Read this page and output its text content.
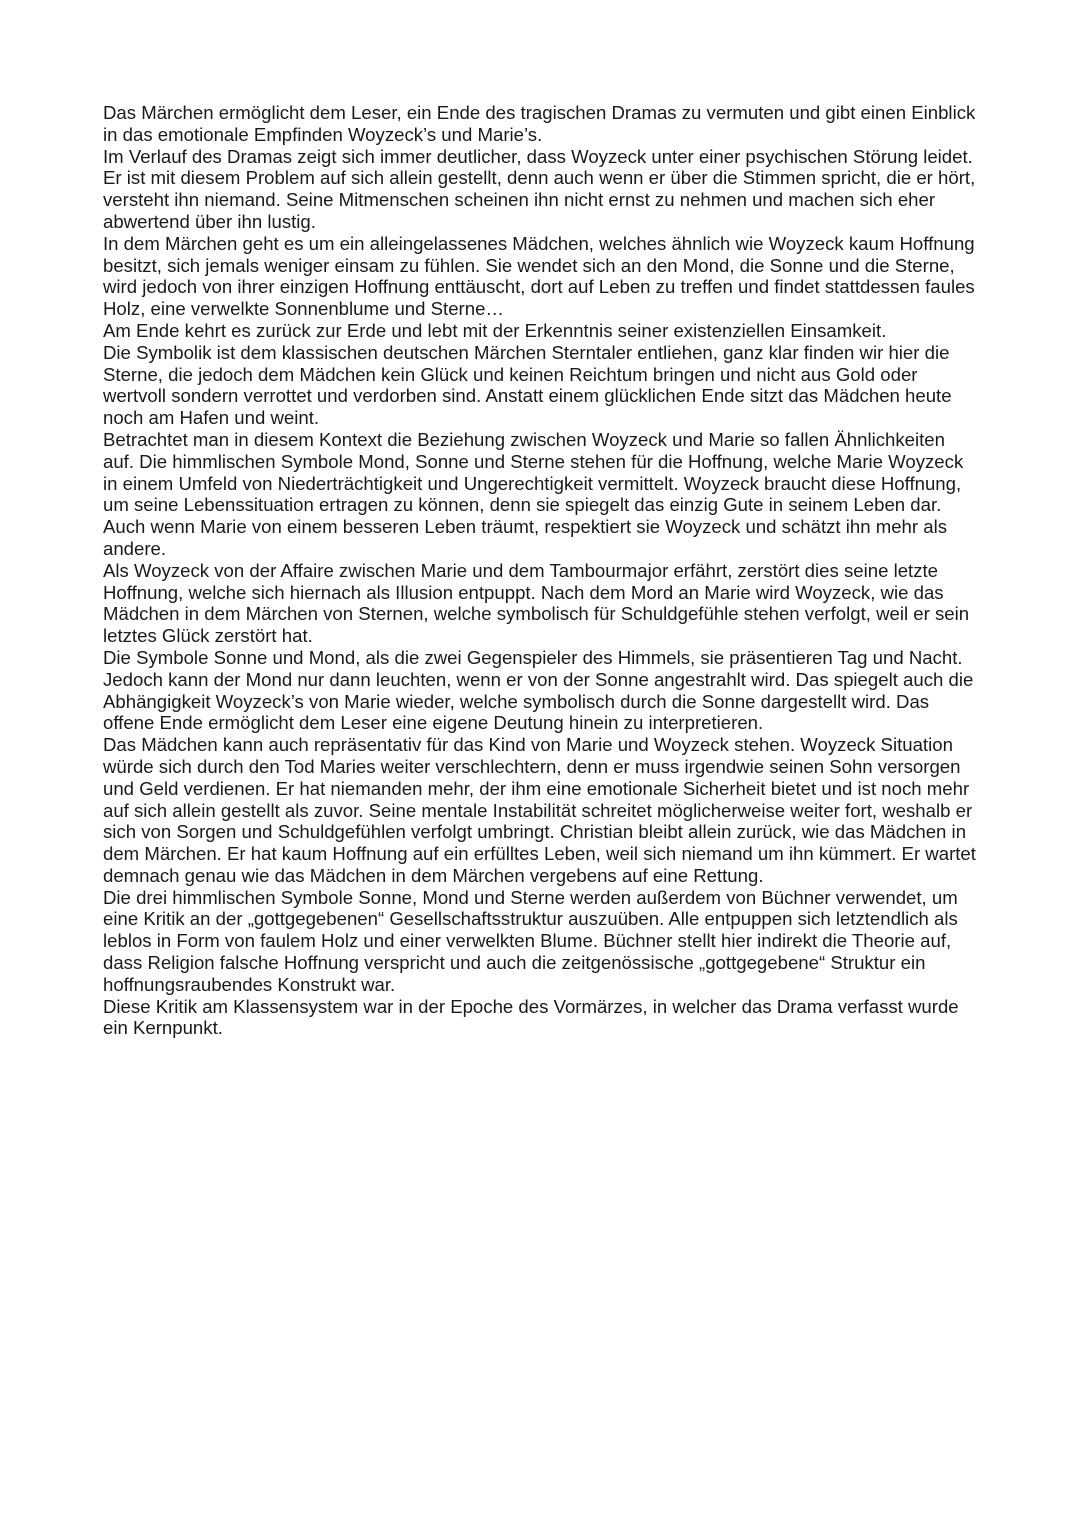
Das Märchen ermöglicht dem Leser, ein Ende des tragischen Dramas zu vermuten und gibt einen Einblick in das emotionale Empfinden Woyzeck’s und Marie’s.

Im Verlauf des Dramas zeigt sich immer deutlicher, dass Woyzeck unter einer psychischen Störung leidet. Er ist mit diesem Problem auf sich allein gestellt, denn auch wenn er über die Stimmen spricht, die er hört, versteht ihn niemand. Seine Mitmenschen scheinen ihn nicht ernst zu nehmen und machen sich eher abwertend über ihn lustig.

In dem Märchen geht es um ein alleingelassenes Mädchen, welches ähnlich wie Woyzeck kaum Hoffnung besitzt, sich jemals weniger einsam zu fühlen. Sie wendet sich an den Mond, die Sonne und die Sterne, wird jedoch von ihrer einzigen Hoffnung enttäuscht, dort auf Leben zu treffen und findet stattdessen faules Holz, eine verwelkte Sonnenblume und Sterne…

Am Ende kehrt es zurück zur Erde und lebt mit der Erkenntnis seiner existenziellen Einsamkeit.

Die Symbolik ist dem klassischen deutschen Märchen Sterntaler entliehen, ganz klar finden wir hier die Sterne, die jedoch dem Mädchen kein Glück und keinen Reichtum bringen und nicht aus Gold oder wertvoll sondern verrottet und verdorben sind. Anstatt einem glücklichen Ende sitzt das Mädchen heute noch am Hafen und weint.

Betrachtet man in diesem Kontext die Beziehung zwischen Woyzeck und Marie so fallen Ähnlichkeiten auf. Die himmlischen Symbole Mond, Sonne und Sterne stehen für die Hoffnung, welche Marie Woyzeck in einem Umfeld von Niederträchtigkeit und Ungerechtigkeit vermittelt. Woyzeck braucht diese Hoffnung, um seine Lebenssituation ertragen zu können, denn sie spiegelt das einzig Gute in seinem Leben dar. Auch wenn Marie von einem besseren Leben träumt, respektiert sie Woyzeck und schätzt ihn mehr als andere.

Als Woyzeck von der Affaire zwischen Marie und dem Tambourmajor erfährt, zerstört dies seine letzte Hoffnung, welche sich hiernach als Illusion entpuppt. Nach dem Mord an Marie wird Woyzeck, wie das Mädchen in dem Märchen von Sternen, welche symbolisch für Schuldgefühle stehen verfolgt, weil er sein letztes Glück zerstört hat.

Die Symbole Sonne und Mond, als die zwei Gegenspieler des Himmels, sie präsentieren Tag und Nacht. Jedoch kann der Mond nur dann leuchten, wenn er von der Sonne angestrahlt wird. Das spiegelt auch die Abhängigkeit Woyzeck’s von Marie wieder, welche symbolisch durch die Sonne dargestellt wird. Das offene Ende ermöglicht dem Leser eine eigene Deutung hinein zu interpretieren.

Das Mädchen kann auch repräsentativ für das Kind von Marie und Woyzeck stehen. Woyzeck Situation würde sich durch den Tod Maries weiter verschlechtern, denn er muss irgendwie seinen Sohn versorgen und Geld verdienen. Er hat niemanden mehr, der ihm eine emotionale Sicherheit bietet und ist noch mehr auf sich allein gestellt als zuvor. Seine mentale Instabilität schreitet möglicherweise weiter fort, weshalb er sich von Sorgen und Schuldgefühlen verfolgt umbringt. Christian bleibt allein zurück, wie das Mädchen in dem Märchen. Er hat kaum Hoffnung auf ein erfülltes Leben, weil sich niemand um ihn kümmert. Er wartet demnach genau wie das Mädchen in dem Märchen vergebens auf eine Rettung.

Die drei himmlischen Symbole Sonne, Mond und Sterne werden außerdem von Büchner verwendet, um eine Kritik an der „gottgegebenen“ Gesellschaftsstruktur auszuüben. Alle entpuppen sich letztendlich als leblos in Form von faulem Holz und einer verwelkten Blume. Büchner stellt hier indirekt die Theorie auf, dass Religion falsche Hoffnung verspricht und auch die zeitgenössische „gottgegebene“ Struktur ein hoffnungsraubendes Konstrukt war.

Diese Kritik am Klassensystem war in der Epoche des Vormärzes, in welcher das Drama verfasst wurde ein Kernpunkt.
